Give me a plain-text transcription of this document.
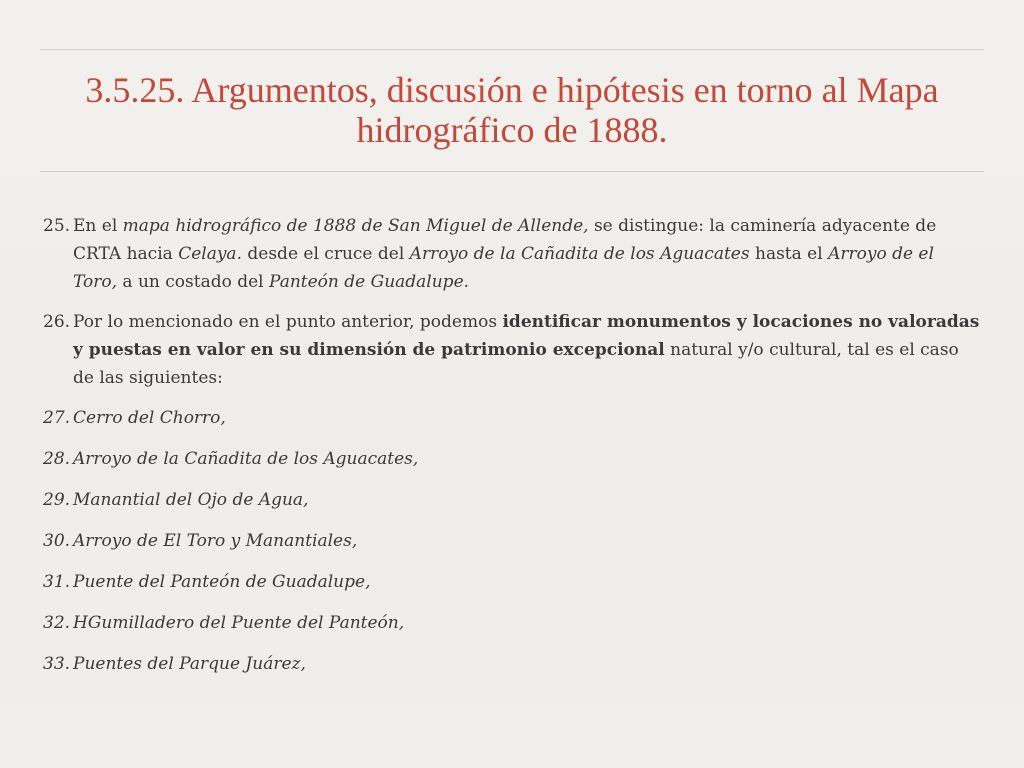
3.5.25. Argumentos, discusión e hipótesis en torno al Mapa
hidrográfico de 1888.
25. En el mapa hidrográfico de 1888 de San Miguel de Allende, se distingue: la caminería adyacente de CRTA hacia Celaya. desde el cruce del Arroyo de la Cañadita de los Aguacates hasta el Arroyo de el Toro, a un costado del Panteón de Guadalupe.
26. Por lo mencionado en el punto anterior, podemos identificar monumentos y locaciones no valoradas y puestas en valor en su dimensión de patrimonio excepcional natural y/o cultural, tal es el caso de las siguientes:
27. Cerro del Chorro,
28. Arroyo de la Cañadita de los Aguacates,
29. Manantial del Ojo de Agua,
30. Arroyo de El Toro y Manantiales,
31. Puente del Panteón de Guadalupe,
32. HGumilladero del Puente del Panteón,
33. Puentes del Parque Juárez,
